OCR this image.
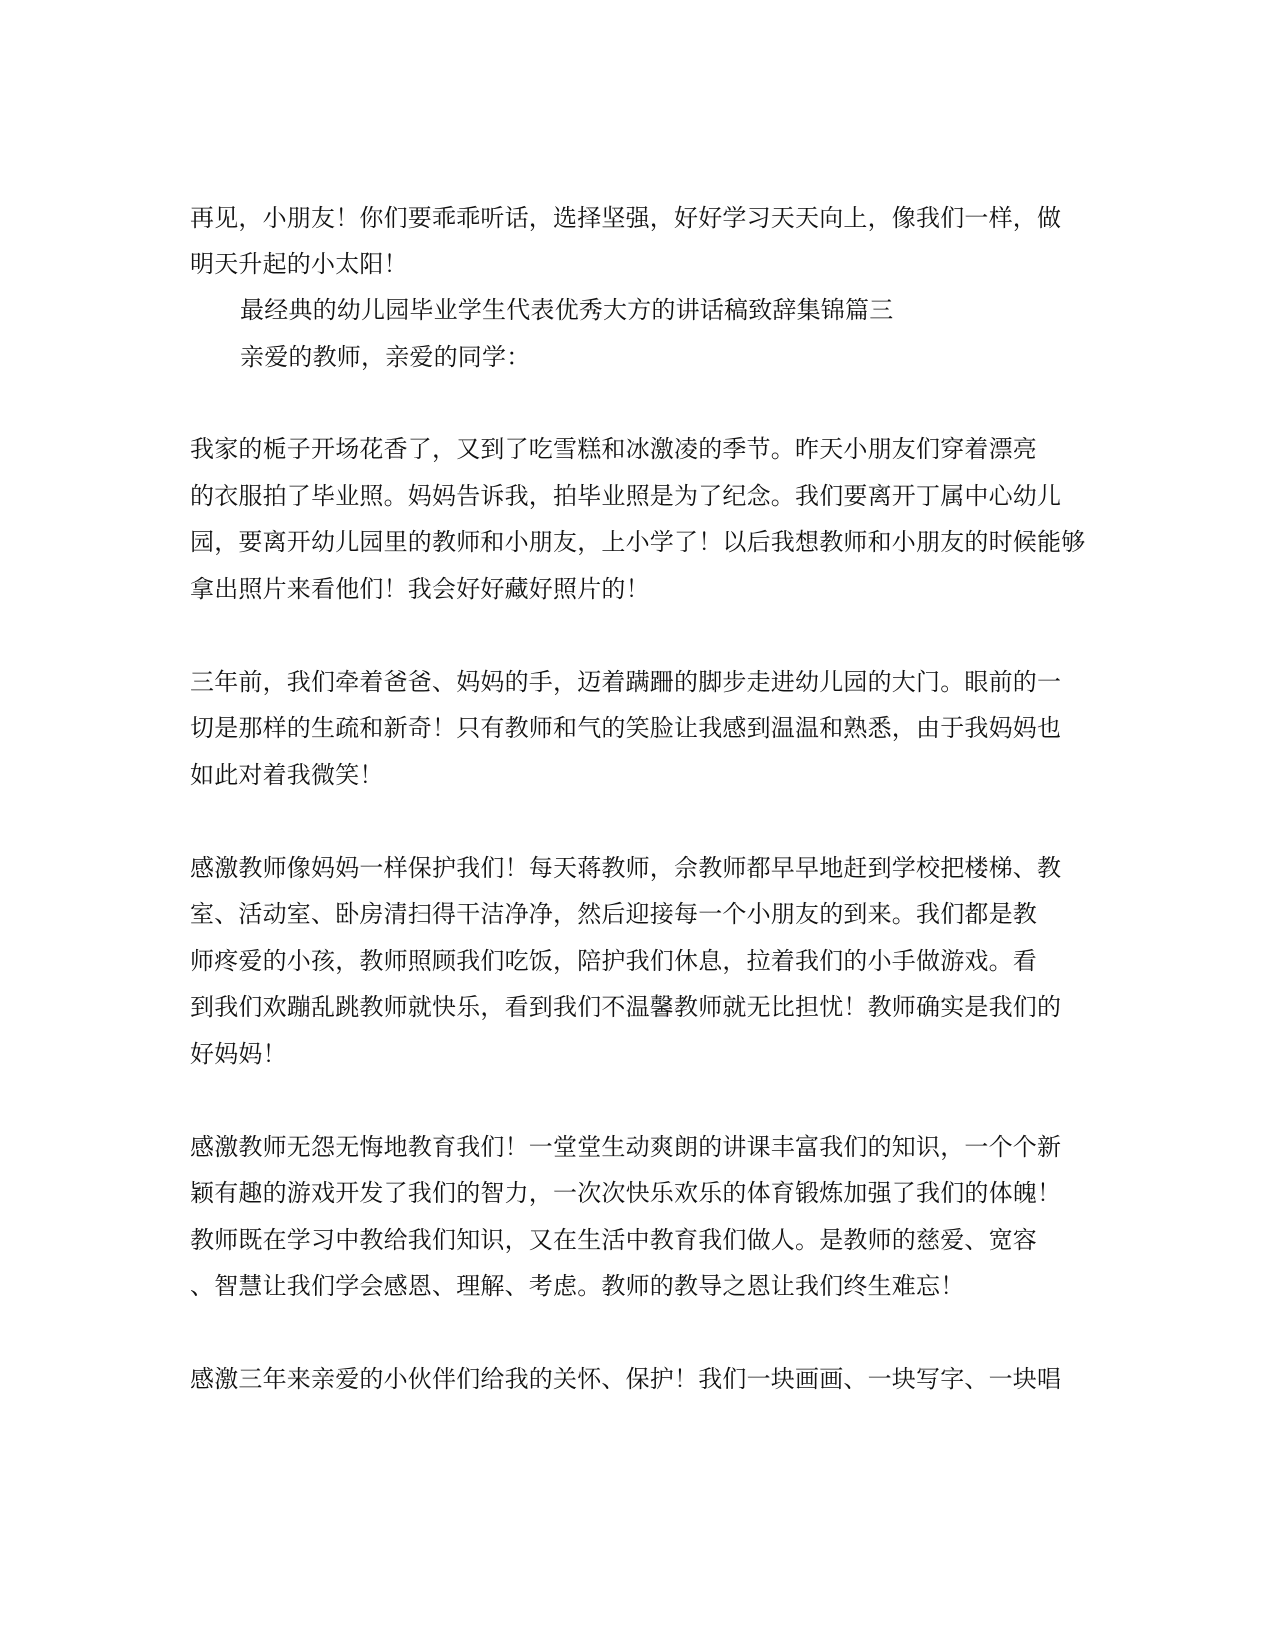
再见，小朋友！你们要乖乖听话，选择坚强，好好学习天天向上，像我们一样，做
明天升起的小太阳！
最经典的幼儿园毕业学生代表优秀大方的讲话稿致辞集锦篇三
亲爱的教师，亲爱的同学：
我家的栀子开场花香了，又到了吃雪糕和冰激凌的季节。昨天小朋友们穿着漂亮
的衣服拍了毕业照。妈妈告诉我，拍毕业照是为了纪念。我们要离开丁属中心幼儿
园，要离开幼儿园里的教师和小朋友，上小学了！以后我想教师和小朋友的时候能够
拿出照片来看他们！我会好好藏好照片的！
三年前，我们牵着爸爸、妈妈的手，迈着蹒跚的脚步走进幼儿园的大门。眼前的一
切是那样的生疏和新奇！只有教师和气的笑脸让我感到温温和熟悉，由于我妈妈也
如此对着我微笑！
感激教师像妈妈一样保护我们！每天蒋教师，佘教师都早早地赶到学校把楼梯、教
室、活动室、卧房清扫得干洁净净，然后迎接每一个小朋友的到来。我们都是教
师疼爱的小孩，教师照顾我们吃饭，陪护我们休息，拉着我们的小手做游戏。看
到我们欢蹦乱跳教师就快乐，看到我们不温馨教师就无比担忧！教师确实是我们的
好妈妈！
感激教师无怨无悔地教育我们！一堂堂生动爽朗的讲课丰富我们的知识，一个个新
颖有趣的游戏开发了我们的智力，一次次快乐欢乐的体育锻炼加强了我们的体魄！
教师既在学习中教给我们知识，又在生活中教育我们做人。是教师的慈爱、宽容
、智慧让我们学会感恩、理解、考虑。教师的教导之恩让我们终生难忘！
感激三年来亲爱的小伙伴们给我的关怀、保护！我们一块画画、一块写字、一块唱
